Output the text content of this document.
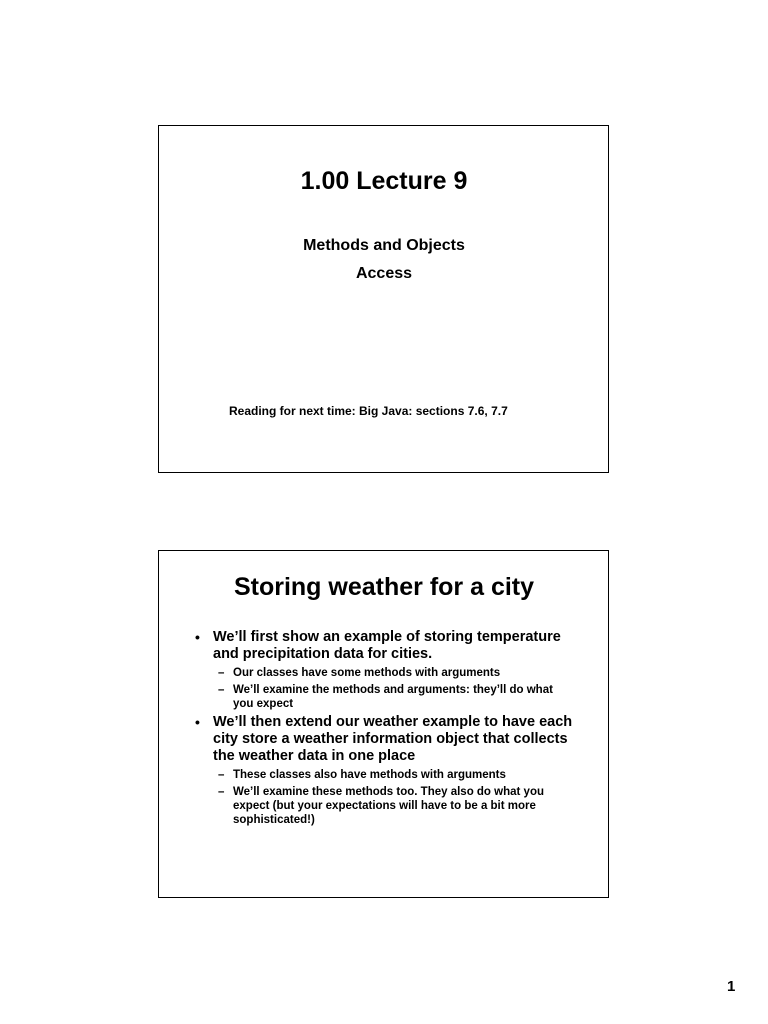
1.00 Lecture 9
Methods and Objects
Access
Reading for next time: Big Java: sections 7.6, 7.7
Storing weather for a city
• We’ll first show an example of storing temperature and precipitation data for cities.
– Our classes have some methods with arguments
– We’ll examine the methods and arguments: they’ll do what you expect
• We’ll then extend our weather example to have each city store a weather information object that collects the weather data in one place
– These classes also have methods with arguments
– We’ll examine these methods too. They also do what you expect (but your expectations will have to be a bit more sophisticated!)
1
